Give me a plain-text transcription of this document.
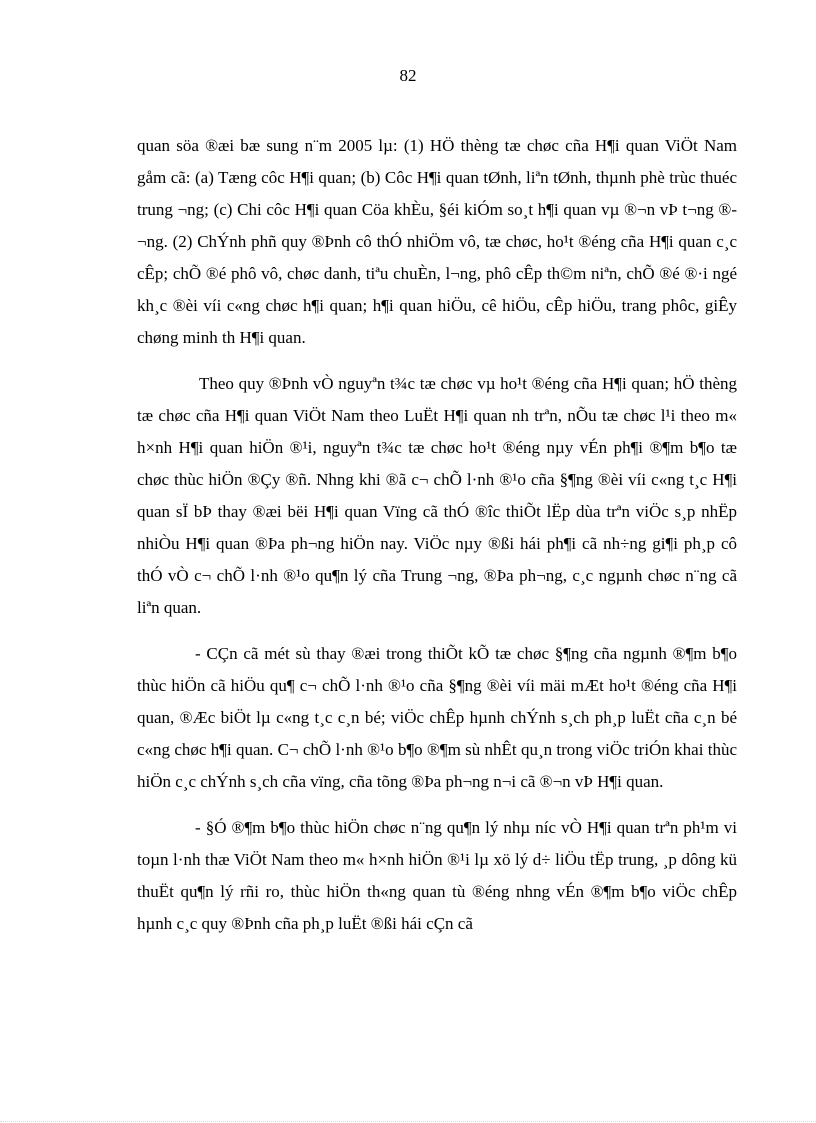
82

quan söa ®æi bæ sung n¨m 2005 lµ: (1) HÖ thèng tæ chøc cña H¶i quan ViÖt Nam gåm cã: (a) Tæng côc H¶i quan; (b) Côc H¶i quan tØnh, liªn tØnh, thµnh phè trùc thuéc trung ¬ng; (c) Chi côc H¶i quan Cöa khÈu, §éi kiÓm so¸t h¶i quan vµ ®¬n vÞ t¬ng ®¬ng. (2) ChÝnh phñ quy ®Þnh cô thÓ nhiÖm vô, tæ chøc, ho¹t ®éng cña H¶i quan c¸c cÊp; chÕ ®é phô vô, chøc danh, tiªu chuÈn, l¬ng, phô cÊp th©m niªn, chÕ ®é ®·i ngé kh¸c ®èi víi c«ng chøc h¶i quan; h¶i quan hiÖu, cê hiÖu, cÊp hiÖu, trang phôc, giÊy chøng minh th H¶i quan.

Theo quy ®Þnh vÒ nguyªn t¾c tæ chøc vµ ho¹t ®éng cña H¶i quan; hÖ thèng tæ chøc cña H¶i quan ViÖt Nam theo LuËt H¶i quan nh trªn, nÕu tæ chøc l¹i theo m« h×nh H¶i quan hiÖn ®¹i, nguyªn t¾c tæ chøc ho¹t ®éng nµy vÉn ph¶i ®¶m b¶o tæ chøc thùc hiÖn ®Çy ®ñ. Nhng khi ®ã c¬ chÕ l·nh ®¹o cña §¶ng ®èi víi c«ng t¸c H¶i quan sÏ bÞ thay ®æi bëi H¶i quan Vïng cã thÓ ®îc thiÕt lËp dùa trªn viÖc s¸p nhËp nhiÒu H¶i quan ®Þa ph¬ng hiÖn nay. ViÖc nµy ®ßi hái ph¶i cã nh÷ng gi¶i ph¸p cô thÓ vÒ c¬ chÕ l·nh ®¹o qu¶n lý cña Trung ¬ng, ®Þa ph¬ng, c¸c ngµnh chøc n¨ng cã liªn quan.

- CÇn cã mét sù thay ®æi trong thiÕt kÕ tæ chøc §¶ng cña ngµnh ®¶m b¶o thùc hiÖn cã hiÖu qu¶ c¬ chÕ l·nh ®¹o cña §¶ng ®èi víi mäi mÆt ho¹t ®éng cña H¶i quan, ®Æc biÖt lµ c«ng t¸c c¸n bé; viÖc chÊp hµnh chÝnh s¸ch ph¸p luËt cña c¸n bé c«ng chøc h¶i quan. C¬ chÕ l·nh ®¹o b¶o ®¶m sù nhÊt qu¸n trong viÖc triÓn khai thùc hiÖn c¸c chÝnh s¸ch cña vïng, cña tõng ®Þa ph¬ng n¬i cã ®¬n vÞ H¶i quan.

- §Ó ®¶m b¶o thùc hiÖn chøc n¨ng qu¶n lý nhµ níc vÒ H¶i quan trªn ph¹m vi toµn l·nh thæ ViÖt Nam theo m« h×nh hiÖn ®¹i lµ xö lý d÷ liÖu tËp trung, ¸p dông kü thuËt qu¶n lý rñi ro, thùc hiÖn th«ng quan tù ®éng nhng vÉn ®¶m b¶o viÖc chÊp hµnh c¸c quy ®Þnh cña ph¸p luËt ®ßi hái cÇn cã
